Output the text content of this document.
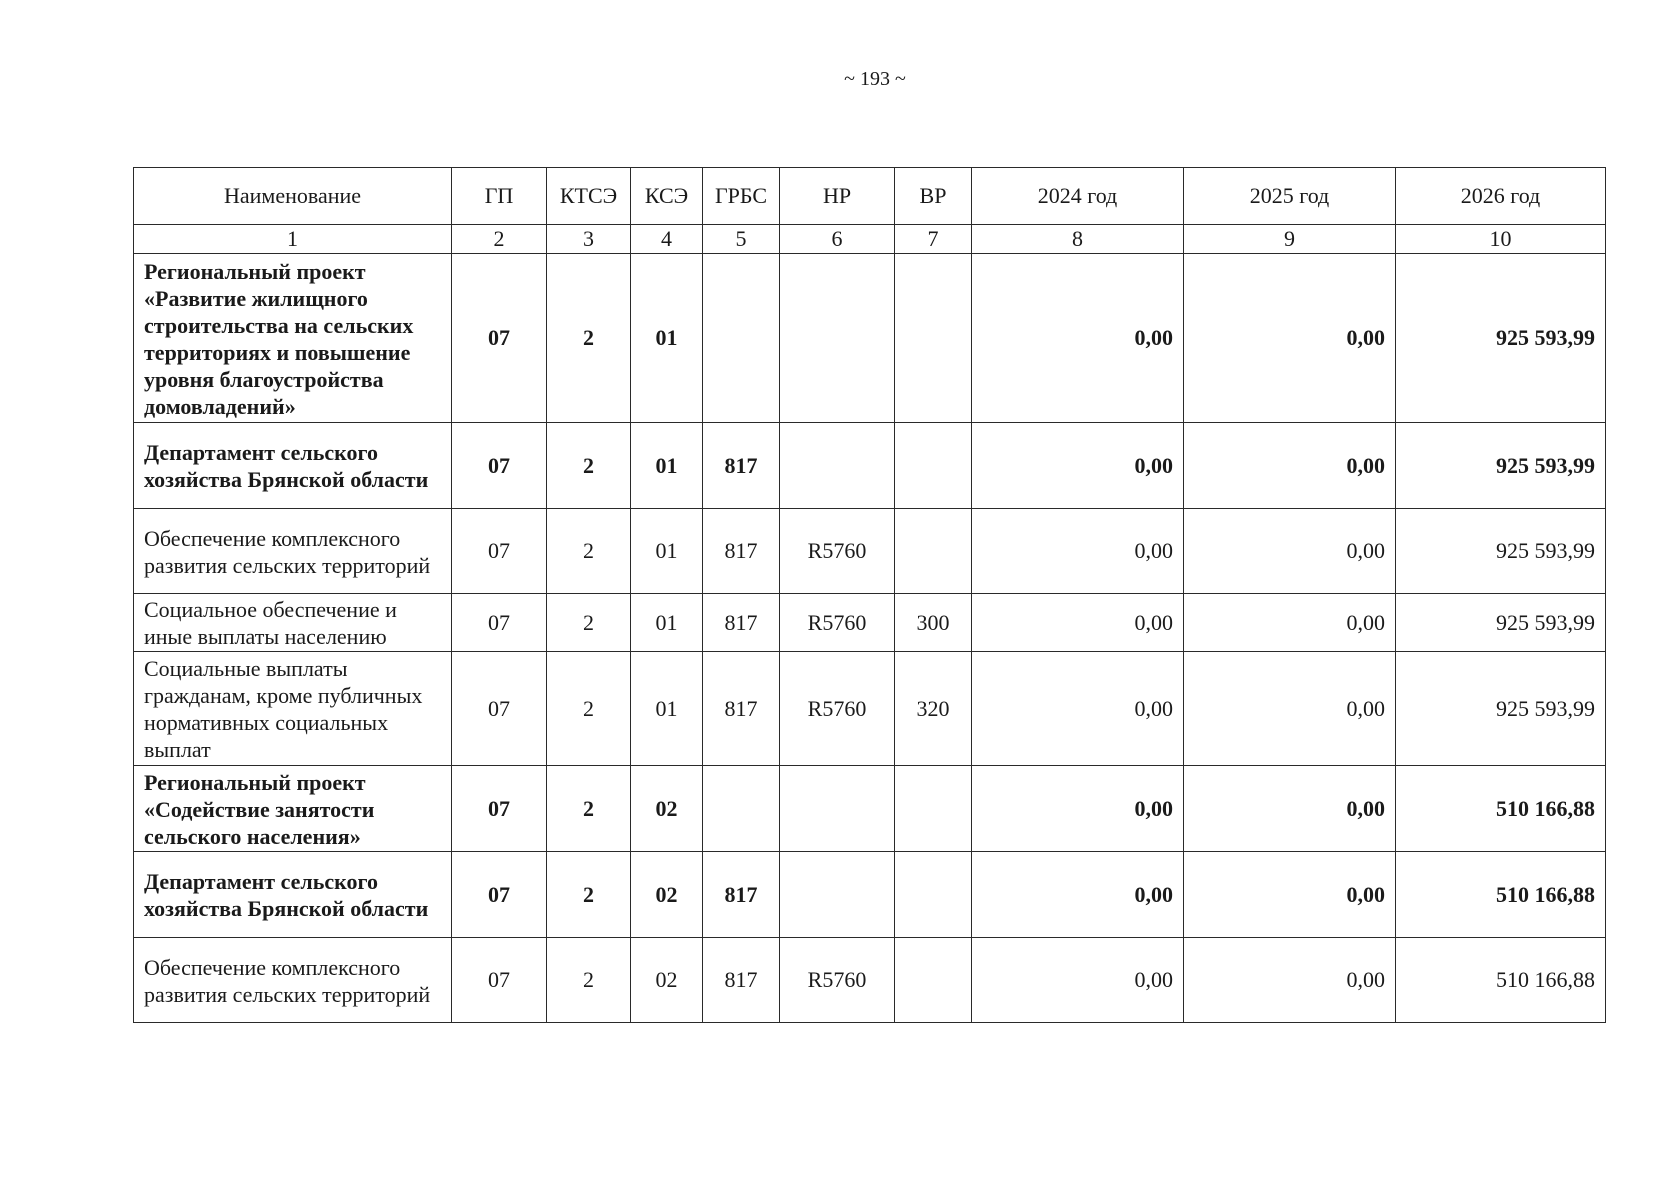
~ 193 ~
Наименование	ГП	КТСЭ	КСЭ	ГРБС	НР	ВР	2024 год	2025 год	2026 год
1	2	3	4	5	6	7	8	9	10
Региональный проект «Развитие жилищного строительства на сельских территориях и повышение уровня благоустройства домовладений»	07	2	01				0,00	0,00	925 593,99
Департамент сельского хозяйства Брянской области	07	2	01	817			0,00	0,00	925 593,99
Обеспечение комплексного развития сельских территорий	07	2	01	817	R5760		0,00	0,00	925 593,99
Социальное обеспечение и иные выплаты населению	07	2	01	817	R5760	300	0,00	0,00	925 593,99
Социальные выплаты гражданам, кроме публичных нормативных социальных выплат	07	2	01	817	R5760	320	0,00	0,00	925 593,99
Региональный проект «Содействие занятости сельского населения»	07	2	02				0,00	0,00	510 166,88
Департамент сельского хозяйства Брянской области	07	2	02	817			0,00	0,00	510 166,88
Обеспечение комплексного развития сельских территорий	07	2	02	817	R5760		0,00	0,00	510 166,88
